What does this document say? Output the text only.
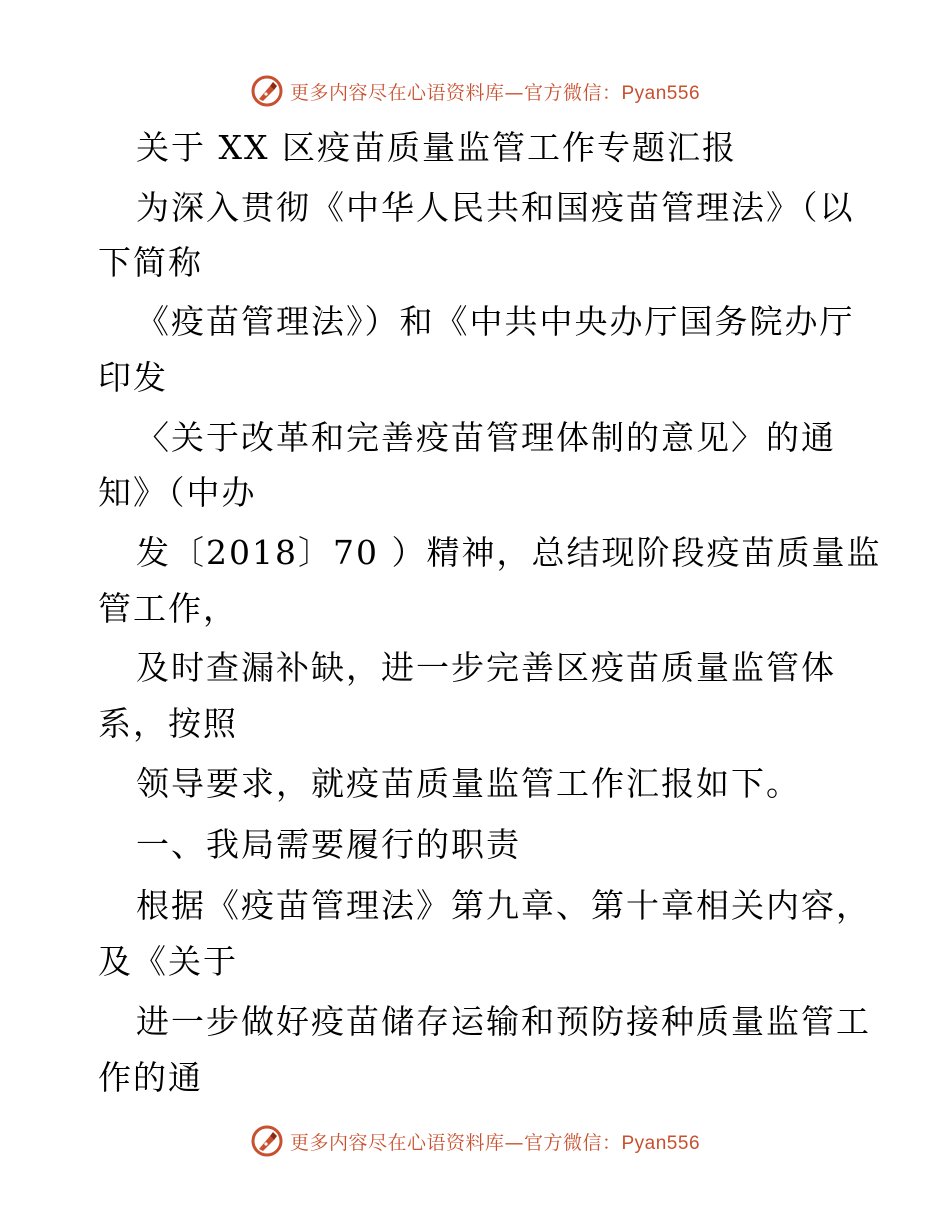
更多内容尽在心语资料库—官方微信：Pyan556
关于 XX 区疫苗质量监管工作专题汇报
为深入贯彻《中华人民共和国疫苗管理法》（以
下简称
《疫苗管理法》）和《中共中央办厅国务院办厅
印发
〈关于改革和完善疫苗管理体制的意见〉的通
知》（中办
发〔2018〕70 ）精神，总结现阶段疫苗质量监
管工作，
及时查漏补缺，进一步完善区疫苗质量监管体
系，按照
领导要求，就疫苗质量监管工作汇报如下。
一、我局需要履行的职责
根据《疫苗管理法》第九章、第十章相关内容，
及《关于
进一步做好疫苗储存运输和预防接种质量监管工
作的通
更多内容尽在心语资料库—官方微信：Pyan556
